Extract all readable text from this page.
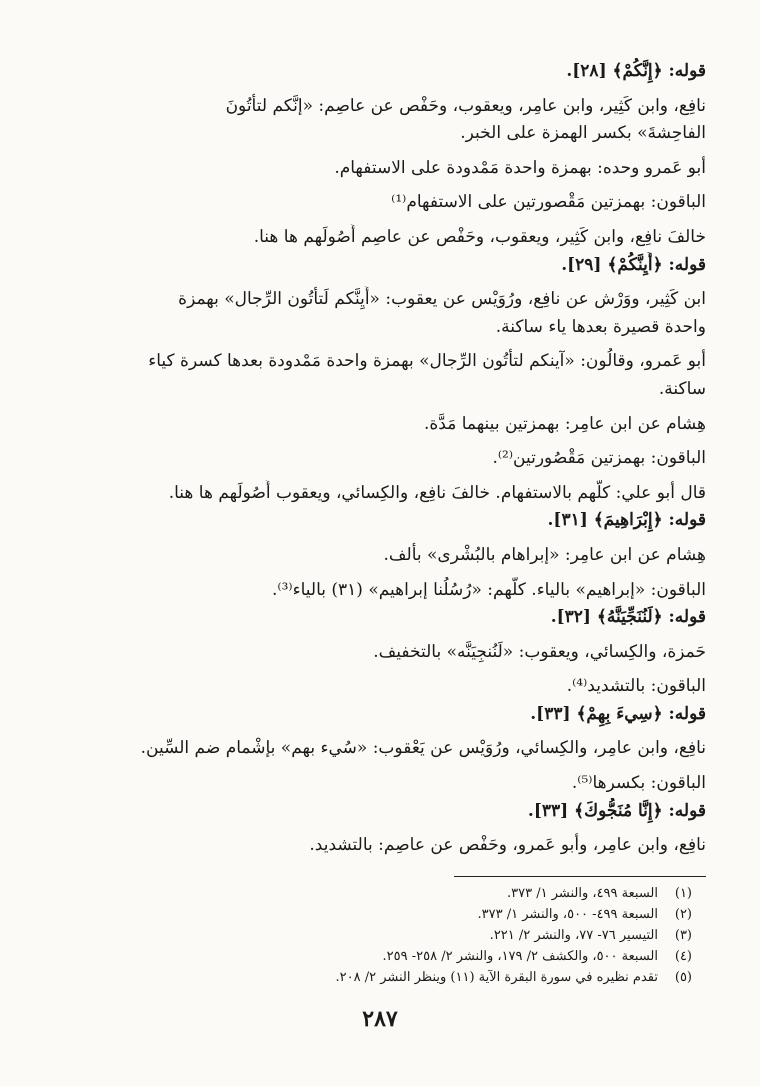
قوله: ﴿إِنَّكُمْ﴾ [٢٨].
نافِع، وابن كَثِير، وابن عامِر، ويعقوب، وحَفْص عن عاصِم: «إنَّكم لتأتُونَ
الفاحِشةَ» بكسر الهمزة على الخبر.
أبو عَمرو وحده: بهمزة واحدة مَمْدودة على الاستفهام.
الباقون: بهمزتين مَقْصورتين على الاستفهام⁽¹⁾
خالفَ نافِع، وابن كَثِير، ويعقوب، وحَفْص عن عاصِم أُصُولَهم ها هنا.
قوله: ﴿أَيِنَّكُمْ﴾ [٢٩].
ابن كَثِير، ووَرْش عن نافِع، ورُوَيْس عن يعقوب: «أَيِنَّكم لَتأتُون الرِّجال» بهمزة
واحدة قصيرة بعدها ياء ساكنة.
أبو عَمرو، وقالُون: «آينكم لتأتُون الرِّجال» بهمزة واحدة مَمْدودة بعدها كسرة كياء
ساكنة.
هِشام عن ابن عامِر: بهمزتين بينهما مَدَّة.
الباقون: بهمزتين مَقْصُورتين⁽²⁾.
قال أبو علي: كلُّهم بالاستفهام. خالفَ نافِع، والكِسائي، ويعقوب أُصُولَهم ها هنا.
قوله: ﴿إِبْرَاهِيمَ﴾ [٣١].
هِشام عن ابن عامِر: «إبراهام بالبُشْرى» بألف.
الباقون: «إبراهيم» بالياء. كلُّهم: «رُسُلُنا إبراهيم» (٣١) بالياء⁽³⁾.
قوله: ﴿لَنُنَجِّيَنَّهُ﴾ [٣٢].
حَمزة، والكِسائي، ويعقوب: «لَنُنجِيَنَّه» بالتخفيف.
الباقون: بالتشديد⁽⁴⁾.
قوله: ﴿سِيءَ بِهِمْ﴾ [٣٣].
نافِع، وابن عامِر، والكِسائي، ورُوَيْس عن يَعْقوب: «سُيء بهم» بإشْمام ضم السِّين.
الباقون: بكسرها⁽⁵⁾.
قوله: ﴿إِنَّا مُنَجُّوكَ﴾ [٣٣].
نافِع، وابن عامِر، وأبو عَمرو، وحَفْص عن عاصِم: بالتشديد.
(١)
السبعة ٤٩٩، والنشر ١/ ٣٧٣.
(٢)
السبعة ٤٩٩- ٥٠٠، والنشر ١/ ٣٧٣.
(٣)
التيسير ٧٦- ٧٧، والنشر ٢/ ٢٢١.
(٤)
السبعة ٥٠٠، والكشف ٢/ ١٧٩، والنشر ٢/ ٢٥٨- ٢٥٩.
(٥)
تقدم نظيره في سورة البقرة الآية (١١) وينظر النشر ٢/ ٢٠٨.
٢٨٧
